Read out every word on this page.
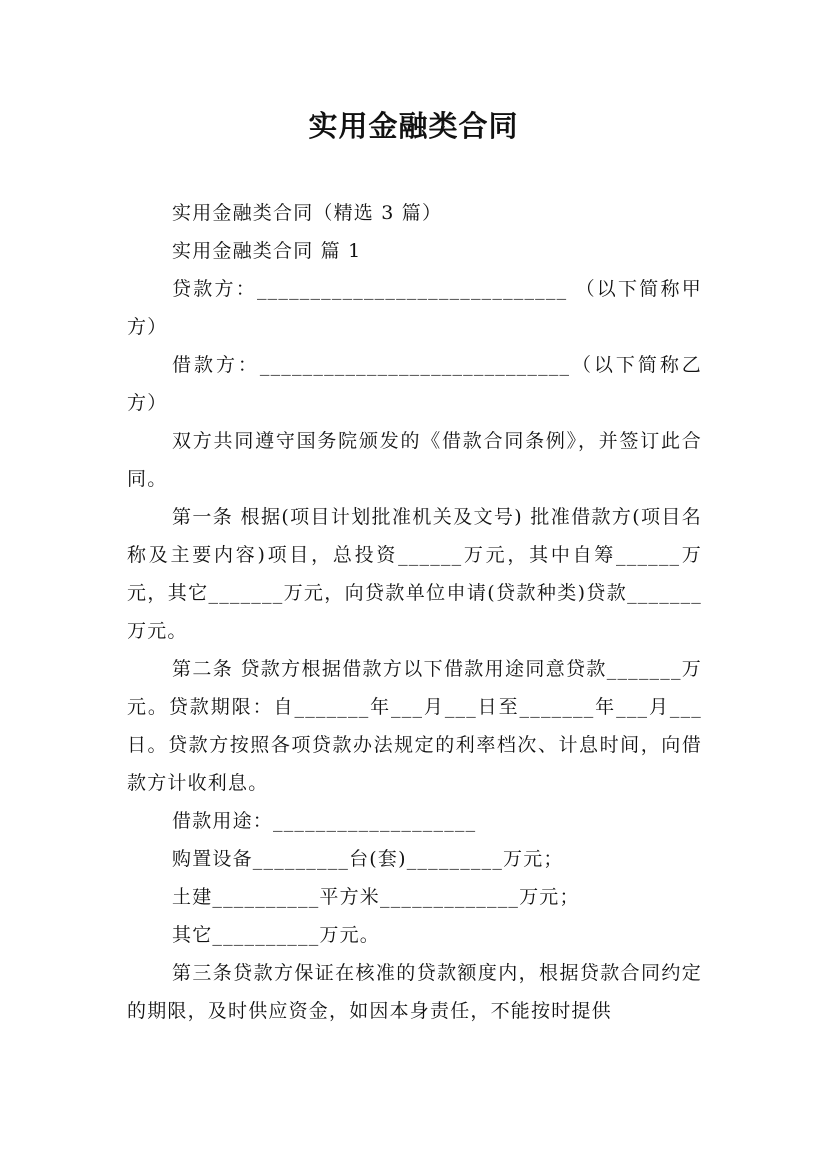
实用金融类合同

实用金融类合同（精选 3 篇）

实用金融类合同 篇 1

贷款方：_____________________________ （以下简称甲方）

借款方：_____________________________（以下简称乙方）

双方共同遵守国务院颁发的《借款合同条例》，并签订此合同。

第一条 根据(项目计划批准机关及文号) 批准借款方(项目名称及主要内容)项目，总投资______万元，其中自筹______万元，其它_______万元，向贷款单位申请(贷款种类)贷款_______万元。

第二条 贷款方根据借款方以下借款用途同意贷款_______万元。贷款期限：自_______年___月___日至_______年___月___日。贷款方按照各项贷款办法规定的利率档次、计息时间，向借款方计收利息。

借款用途：___________________

购置设备_________台(套)_________万元；

土建__________平方米_____________万元；

其它__________万元。

第三条贷款方保证在核准的贷款额度内，根据贷款合同约定的期限，及时供应资金，如因本身责任，不能按时提供
